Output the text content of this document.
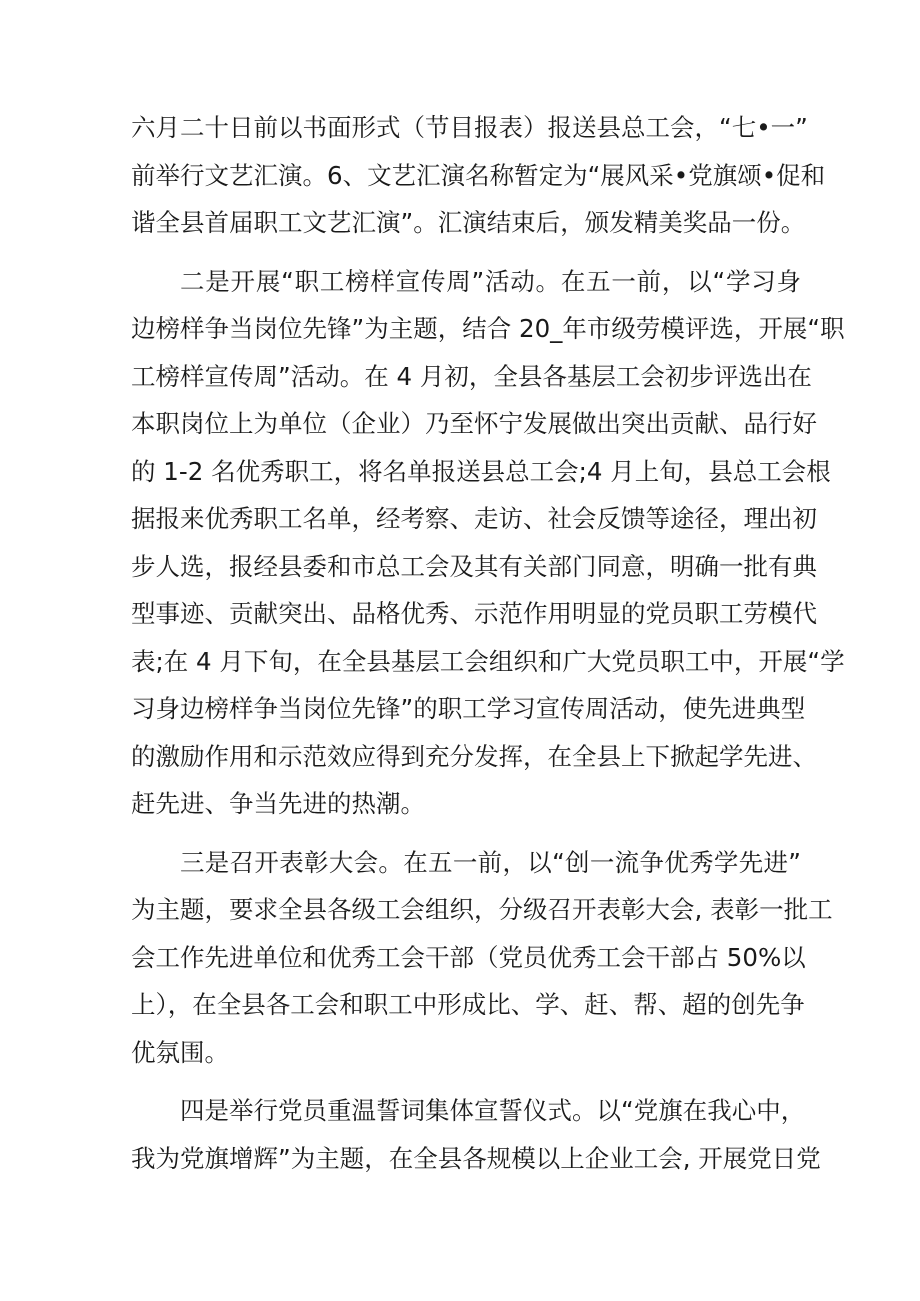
六月二十日前以书面形式（节目报表）报送县总工会，“七•一”
前举行文艺汇演。6、文艺汇演名称暂定为“展风采•党旗颂•促和
谐全县首届职工文艺汇演”。汇演结束后，颁发精美奖品一份。
二是开展“职工榜样宣传周”活动。在五一前，以“学习身
边榜样争当岗位先锋”为主题，结合 20_年市级劳模评选，开展“职
工榜样宣传周”活动。在 4 月初，全县各基层工会初步评选出在
本职岗位上为单位（企业）乃至怀宁发展做出突出贡献、品行好
的 1-2 名优秀职工，将名单报送县总工会;4 月上旬，县总工会根
据报来优秀职工名单，经考察、走访、社会反馈等途径，理出初
步人选，报经县委和市总工会及其有关部门同意，明确一批有典
型事迹、贡献突出、品格优秀、示范作用明显的党员职工劳模代
表;在 4 月下旬，在全县基层工会组织和广大党员职工中，开展“学
习身边榜样争当岗位先锋”的职工学习宣传周活动，使先进典型
的激励作用和示范效应得到充分发挥，在全县上下掀起学先进、
赶先进、争当先进的热潮。
三是召开表彰大会。在五一前，以“创一流争优秀学先进”
为主题，要求全县各级工会组织，分级召开表彰大会, 表彰一批工
会工作先进单位和优秀工会干部（党员优秀工会干部占 50%以
上），在全县各工会和职工中形成比、学、赶、帮、超的创先争
优氛围。
四是举行党员重温誓词集体宣誓仪式。以“党旗在我心中，
我为党旗增辉”为主题，在全县各规模以上企业工会, 开展党日党
